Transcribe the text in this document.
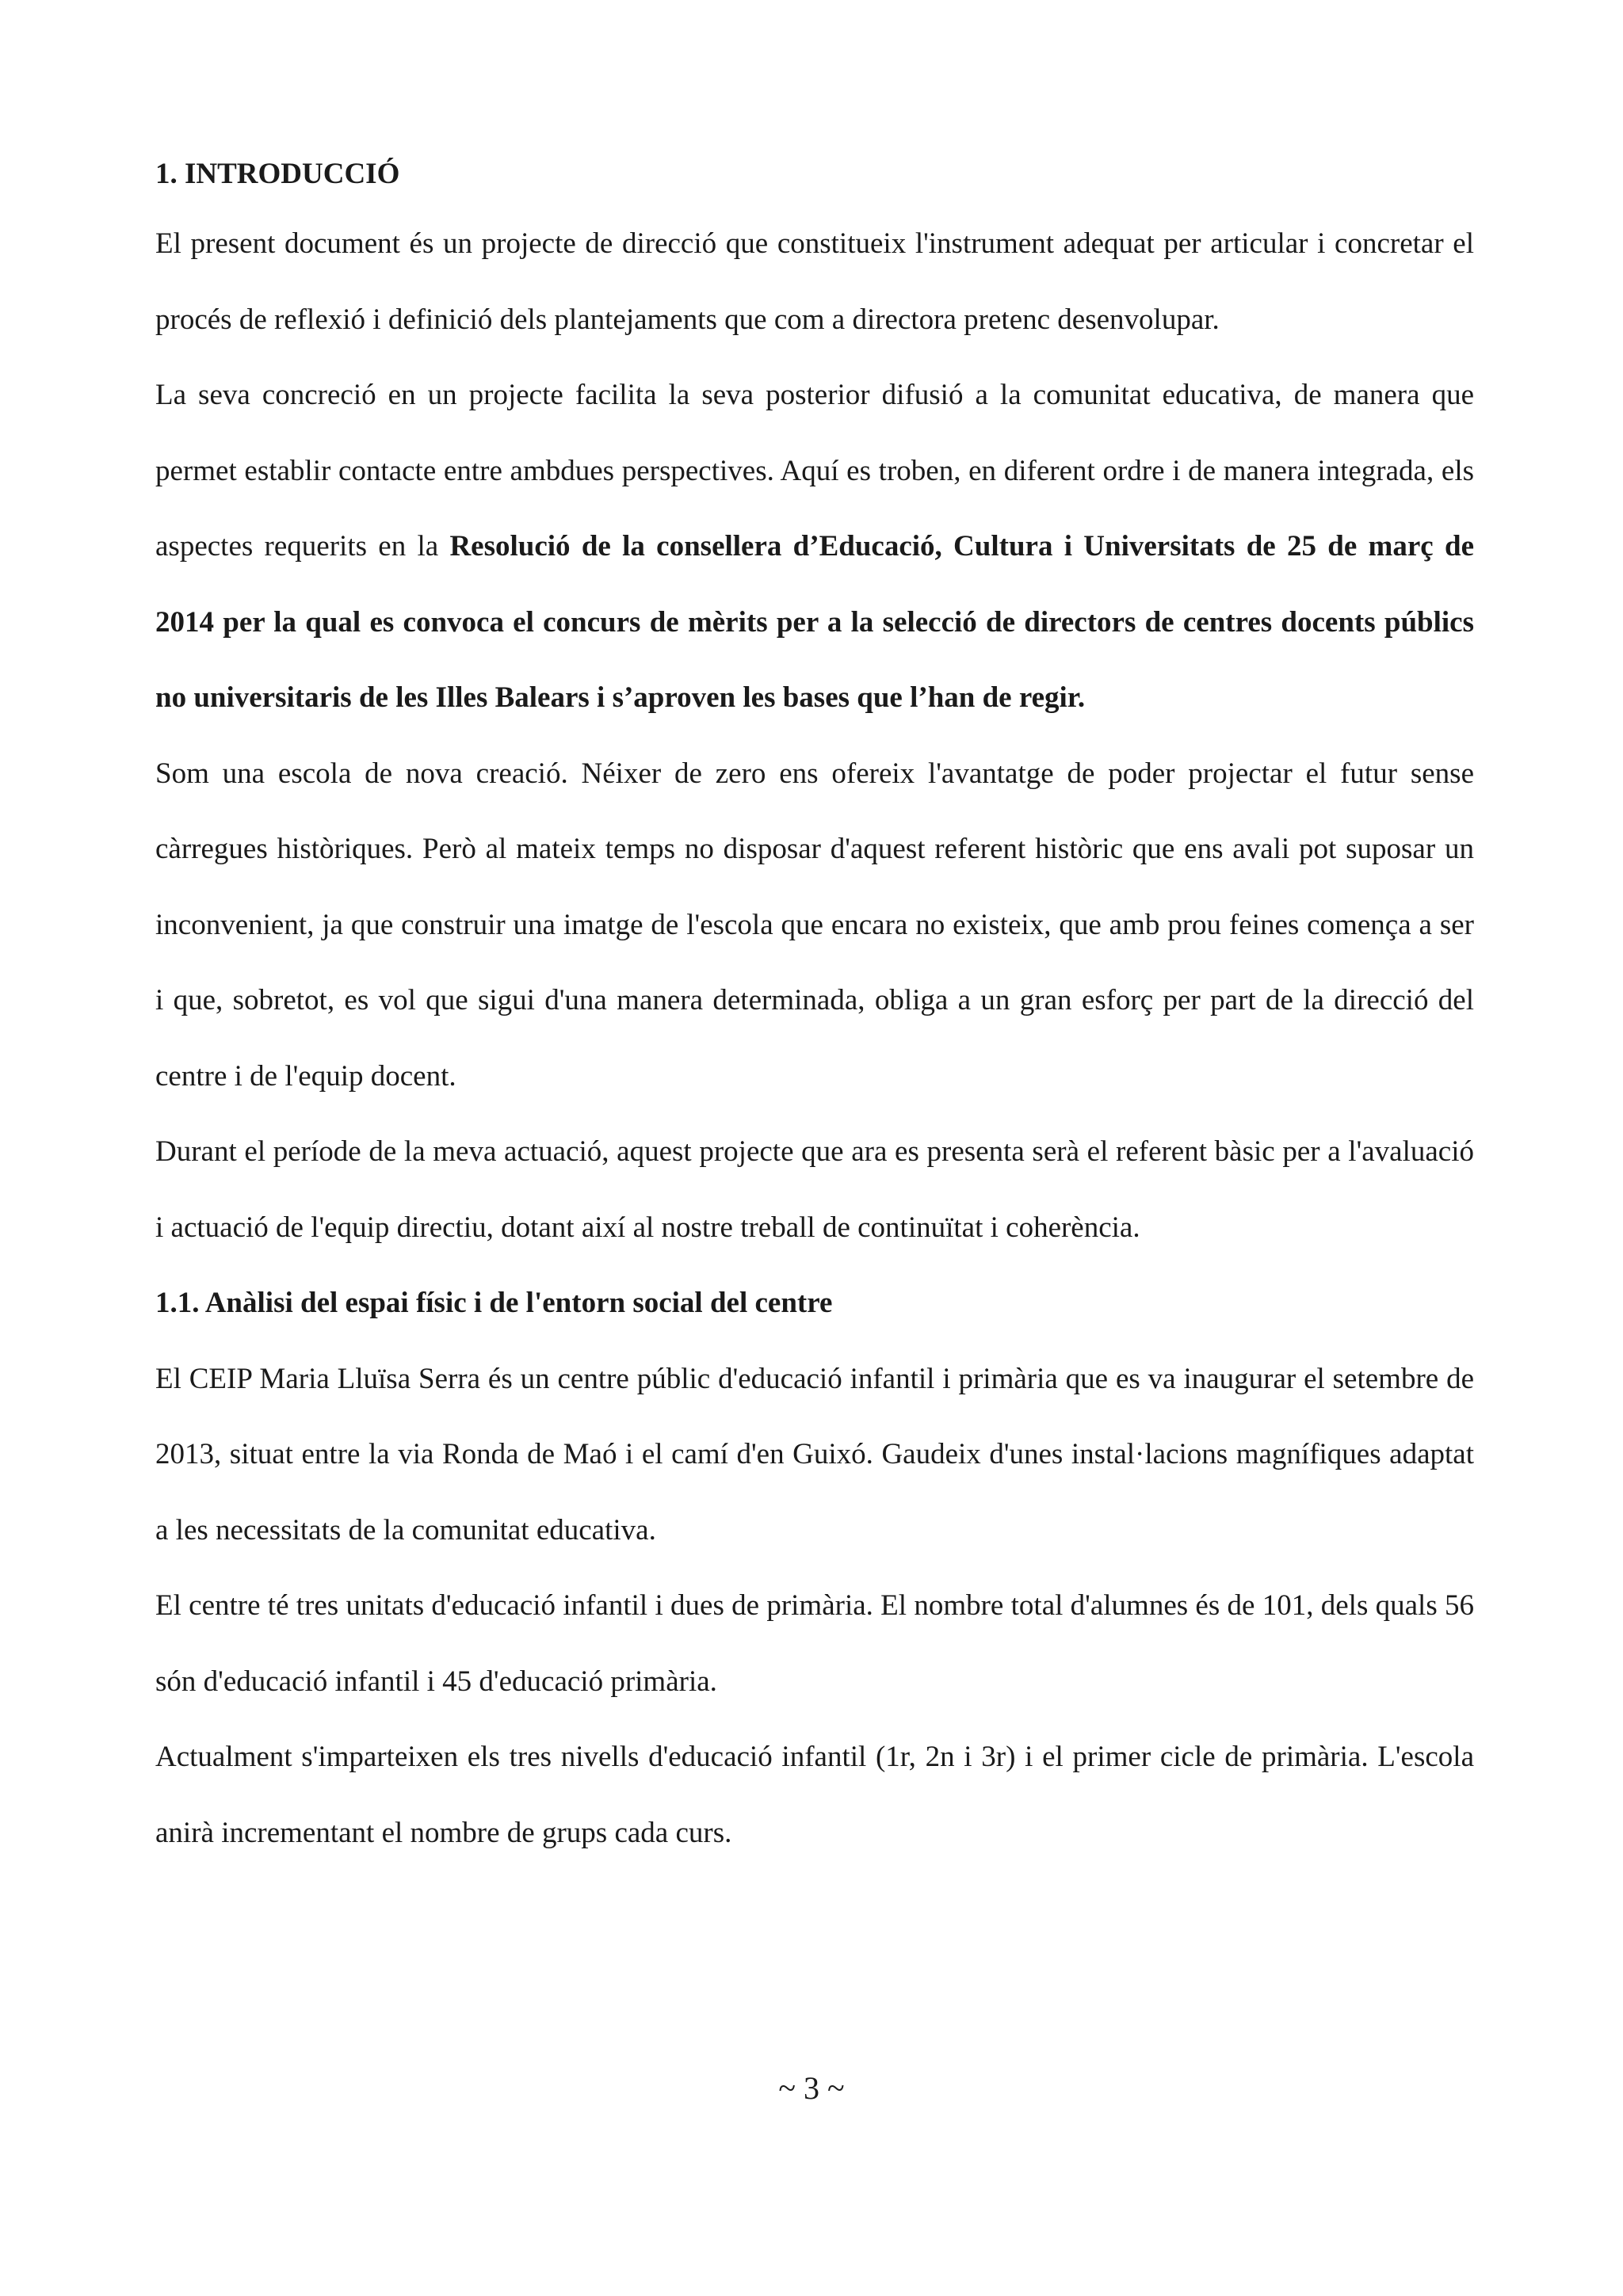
1. INTRODUCCIÓ

El present document és un projecte de direcció que constitueix l'instrument adequat per articular i concretar el procés de reflexió i definició dels plantejaments que com a directora pretenc desenvolupar.

La seva concreció en un projecte facilita la seva posterior difusió a la comunitat educativa, de manera que permet establir contacte entre ambdues perspectives. Aquí es troben, en diferent ordre i de manera integrada, els aspectes requerits en la Resolució de la consellera d’Educació, Cultura i Universitats de 25 de març de 2014 per la qual es convoca el concurs de mèrits per a la selecció de directors de centres docents públics no universitaris de les Illes Balears i s’aproven les bases que l’han de regir.

Som una escola de nova creació. Néixer de zero ens ofereix l'avantatge de poder projectar el futur sense càrregues històriques. Però al mateix temps no disposar d'aquest referent històric que ens avali pot suposar un inconvenient, ja que construir una imatge de l'escola que encara no existeix, que amb prou feines comença a ser i que, sobretot, es vol que sigui d'una manera determinada, obliga a un gran esforç per part de la direcció del centre i de l'equip docent.

Durant el període de la meva actuació, aquest projecte que ara es presenta serà el referent bàsic per a l'avaluació i actuació de l'equip directiu, dotant així al nostre treball de continuïtat i coherència.

1.1. Anàlisi del espai físic i de l'entorn social del centre

El CEIP Maria Lluïsa Serra és un centre públic d'educació infantil i primària que es va inaugurar el setembre de 2013, situat entre la via Ronda de Maó i el camí d'en Guixó. Gaudeix d'unes instal·lacions magnífiques adaptat a les necessitats de la comunitat educativa.

El centre té tres unitats d'educació infantil i dues de primària. El nombre total d'alumnes és de 101, dels quals 56 són d'educació infantil i 45 d'educació primària.

Actualment s'imparteixen els tres nivells d'educació infantil (1r, 2n i 3r) i el primer cicle de primària. L'escola anirà incrementant el nombre de grups cada curs.

~ 3 ~
